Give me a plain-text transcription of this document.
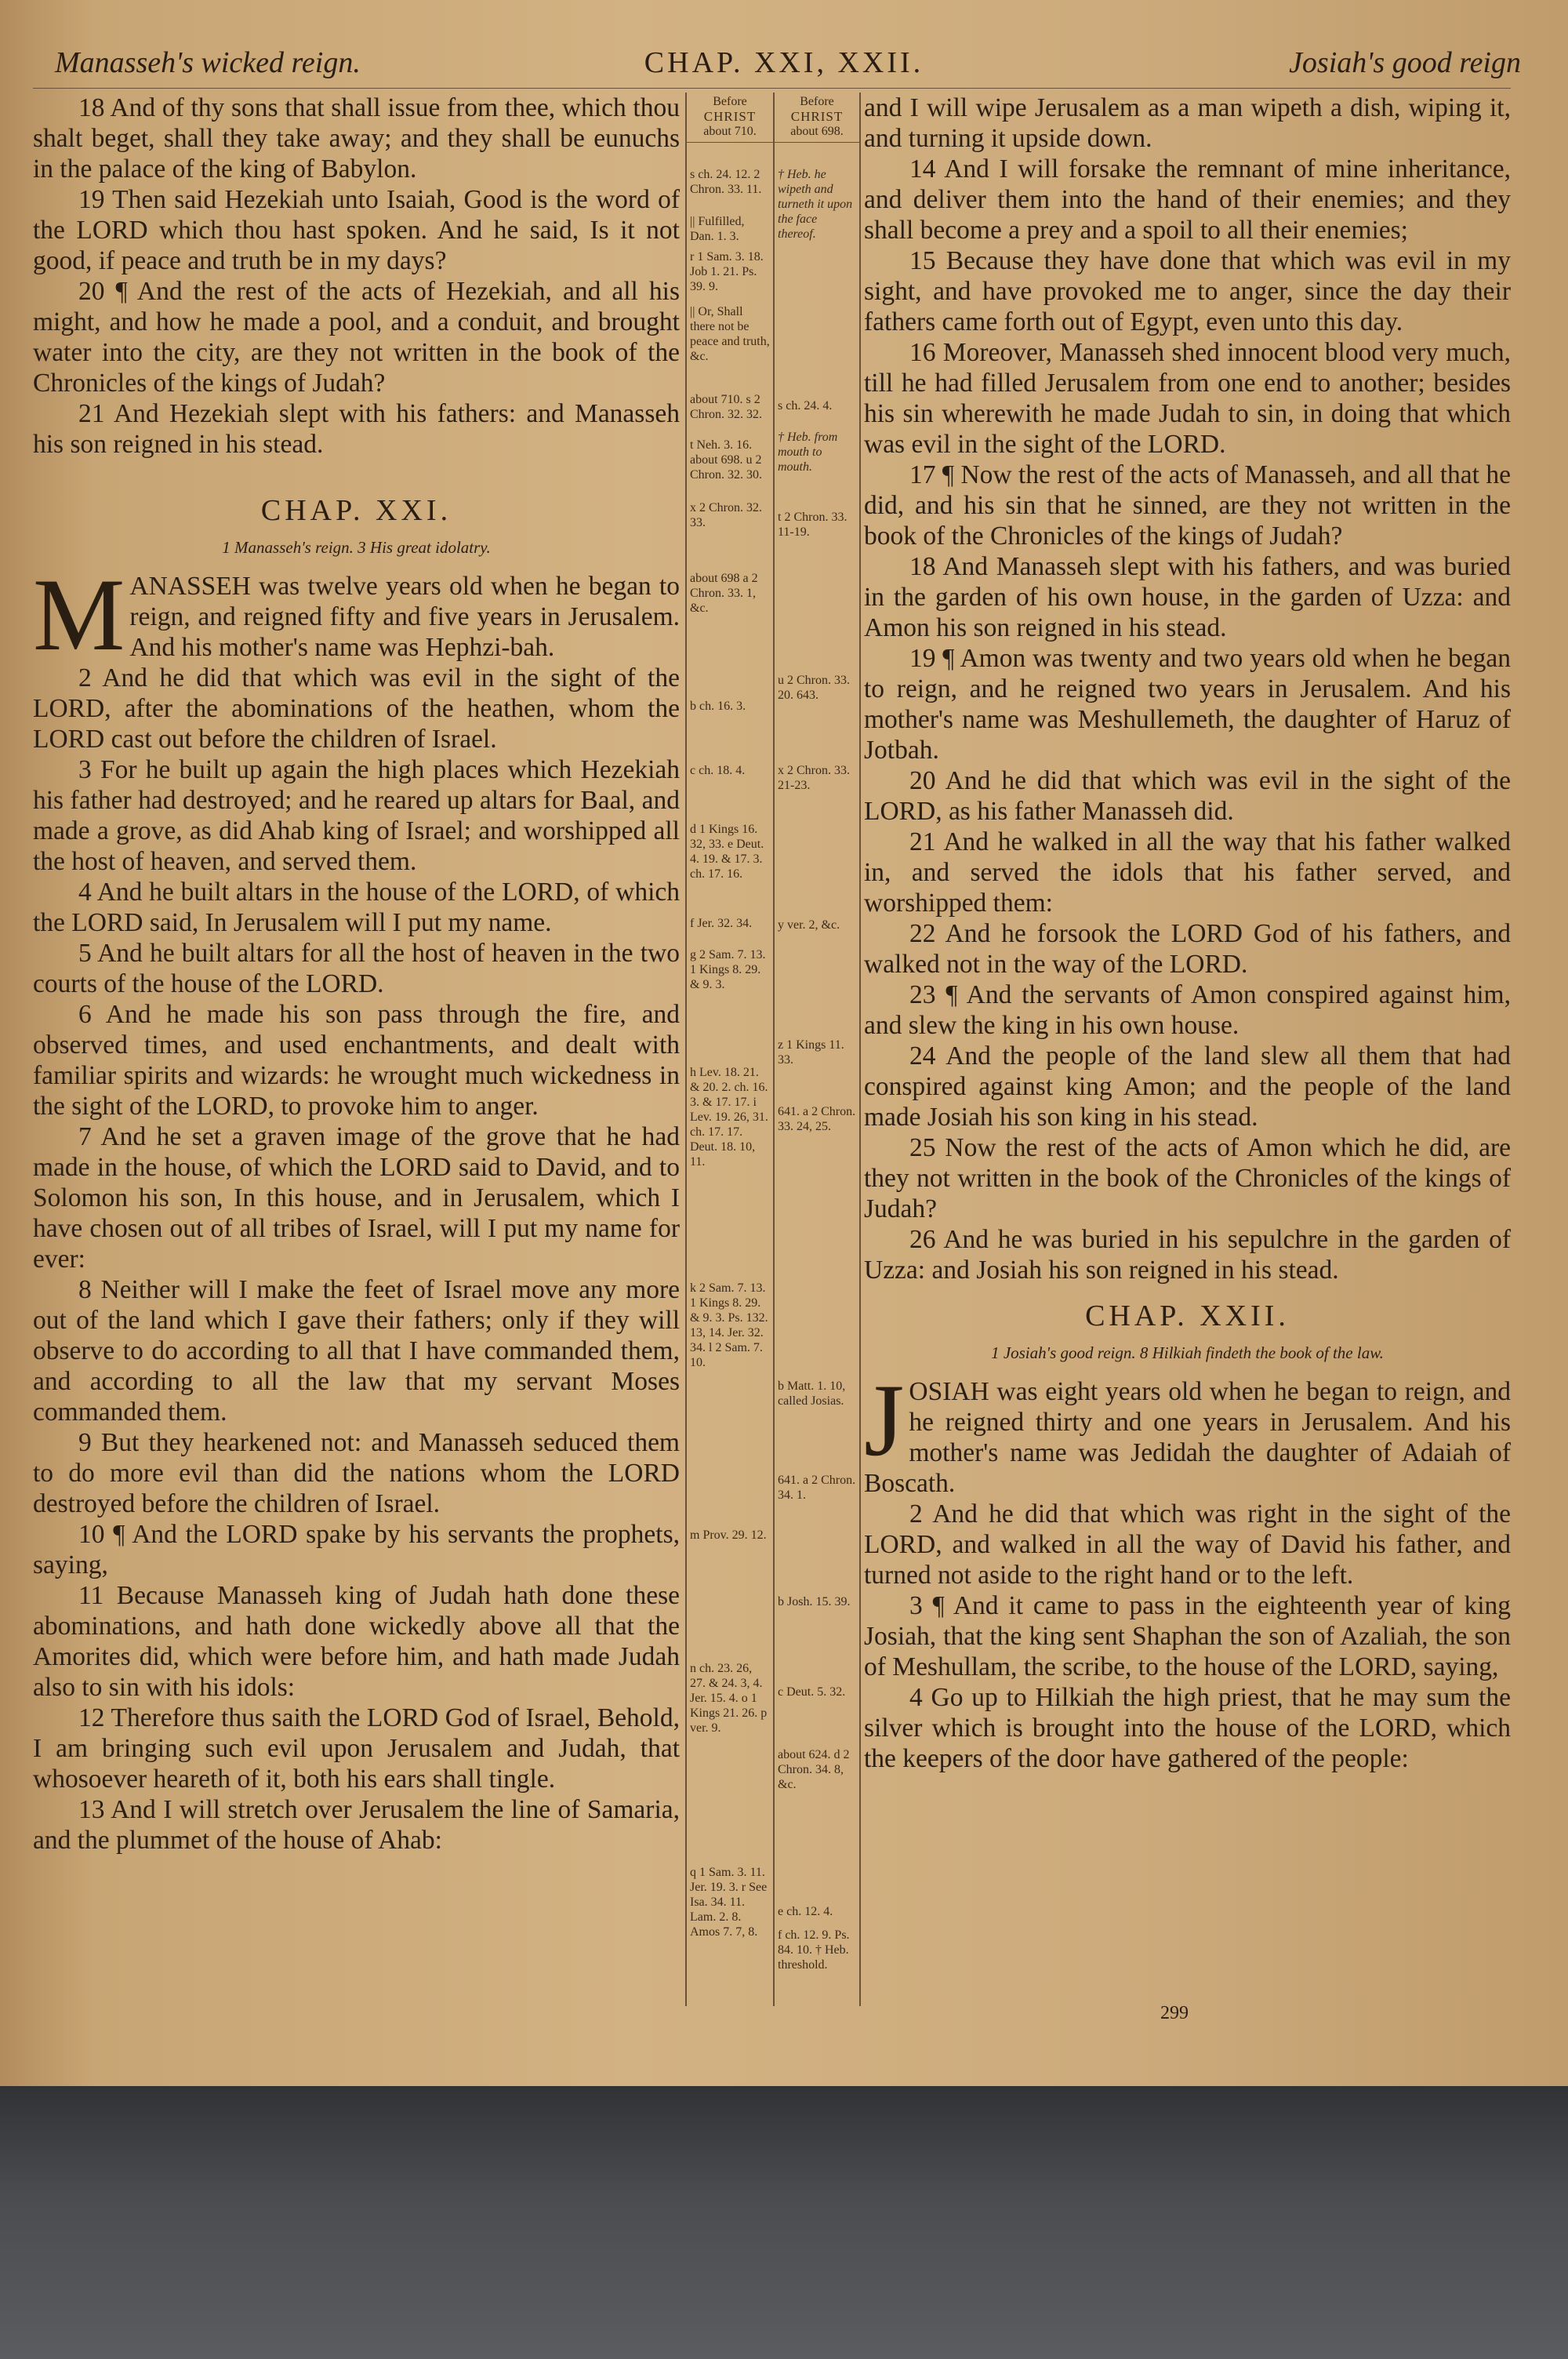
Manasseh's wicked reign.	CHAP. XXI, XXII.	Josiah's good reign

18 And of thy sons that shall issue from thee, which thou shalt beget, shall they take away; and they shall be eunuchs in the palace of the king of Babylon.

19 Then said Hezekiah unto Isaiah, Good is the word of the LORD which thou hast spoken. And he said, Is it not good, if peace and truth be in my days?

20 ¶ And the rest of the acts of Hezekiah, and all his might, and how he made a pool, and a conduit, and brought water into the city, are they not written in the book of the Chronicles of the kings of Judah?

21 And Hezekiah slept with his fathers: and Manasseh his son reigned in his stead.

CHAP. XXI.
1 Manasseh's reign. 3 His great idolatry.

M ANASSEH was twelve years old when he began to reign, and reigned fifty and five years in Jerusalem. And his mother's name was Hephzi-bah.

2 And he did that which was evil in the sight of the LORD, after the abominations of the heathen, whom the LORD cast out before the children of Israel.

3 For he built up again the high places which Hezekiah his father had destroyed; and he reared up altars for Baal, and made a grove, as did Ahab king of Israel; and worshipped all the host of heaven, and served them.

4 And he built altars in the house of the LORD, of which the LORD said, In Jerusalem will I put my name.

5 And he built altars for all the host of heaven in the two courts of the house of the LORD.

6 And he made his son pass through the fire, and observed times, and used enchantments, and dealt with familiar spirits and wizards: he wrought much wickedness in the sight of the LORD, to provoke him to anger.

7 And he set a graven image of the grove that he had made in the house, of which the LORD said to David, and to Solomon his son, In this house, and in Jerusalem, which I have chosen out of all tribes of Israel, will I put my name for ever:

8 Neither will I make the feet of Israel move any more out of the land which I gave their fathers; only if they will observe to do according to all that I have commanded them, and according to all the law that my servant Moses commanded them.

9 But they hearkened not: and Manasseh seduced them to do more evil than did the nations whom the LORD destroyed before the children of Israel.

10 ¶ And the LORD spake by his servants the prophets, saying,

11 Because Manasseh king of Judah hath done these abominations, and hath done wickedly above all that the Amorites did, which were before him, and hath made Judah also to sin with his idols:

12 Therefore thus saith the LORD God of Israel, Behold, I am bringing such evil upon Jerusalem and Judah, that whosoever heareth of it, both his ears shall tingle.

13 And I will stretch over Jerusalem the line of Samaria, and the plummet of the house of Ahab:

Before
CHRIST
about 710.
s ch. 24. 12. 2 Chron. 33. 11.
|| Fulfilled, Dan. 1. 3.
r 1 Sam. 3. 18. Job 1. 21. Ps. 39. 9.
|| Or, Shall there not be peace and truth, &c.
about 710. s 2 Chron. 32. 32.
t Neh. 3. 16. about 698. u 2 Chron. 32. 30.
x 2 Chron. 32. 33.
about 698 a 2 Chron. 33. 1, &c.
b ch. 16. 3.
c ch. 18. 4.
d 1 Kings 16. 32, 33. e Deut. 4. 19. & 17. 3. ch. 17. 16.
f Jer. 32. 34.
g 2 Sam. 7. 13. 1 Kings 8. 29. & 9. 3.
h Lev. 18. 21. & 20. 2. ch. 16. 3. & 17. 17. i Lev. 19. 26, 31. ch. 17. 17. Deut. 18. 10, 11.
k 2 Sam. 7. 13. 1 Kings 8. 29. & 9. 3. Ps. 132. 13, 14. Jer. 32. 34. l 2 Sam. 7. 10.
m Prov. 29. 12.
n ch. 23. 26, 27. & 24. 3, 4. Jer. 15. 4. o 1 Kings 21. 26. p ver. 9.
q 1 Sam. 3. 11. Jer. 19. 3. r See Isa. 34. 11. Lam. 2. 8. Amos 7. 7, 8.
Before
CHRIST
about 698.
† Heb. he wipeth and turneth it upon the face thereof.
s ch. 24. 4.
† Heb. from mouth to mouth.
t 2 Chron. 33. 11-19.
u 2 Chron. 33. 20. 643.
x 2 Chron. 33. 21-23.
y ver. 2, &c.
z 1 Kings 11. 33.
641. a 2 Chron. 33. 24, 25.
b Matt. 1. 10, called Josias.
641. a 2 Chron. 34. 1.
b Josh. 15. 39.
c Deut. 5. 32.
about 624. d 2 Chron. 34. 8, &c.
e ch. 12. 4.
f ch. 12. 9. Ps. 84. 10. † Heb. threshold.

and I will wipe Jerusalem as a man wipeth a dish, wiping it, and turning it upside down.

14 And I will forsake the remnant of mine inheritance, and deliver them into the hand of their enemies; and they shall become a prey and a spoil to all their enemies;

15 Because they have done that which was evil in my sight, and have provoked me to anger, since the day their fathers came forth out of Egypt, even unto this day.

16 Moreover, Manasseh shed innocent blood very much, till he had filled Jerusalem from one end to another; besides his sin wherewith he made Judah to sin, in doing that which was evil in the sight of the LORD.

17 ¶ Now the rest of the acts of Manasseh, and all that he did, and his sin that he sinned, are they not written in the book of the Chronicles of the kings of Judah?

18 And Manasseh slept with his fathers, and was buried in the garden of his own house, in the garden of Uzza: and Amon his son reigned in his stead.

19 ¶ Amon was twenty and two years old when he began to reign, and he reigned two years in Jerusalem. And his mother's name was Meshullemeth, the daughter of Haruz of Jotbah.

20 And he did that which was evil in the sight of the LORD, as his father Manasseh did.

21 And he walked in all the way that his father walked in, and served the idols that his father served, and worshipped them:

22 And he forsook the LORD God of his fathers, and walked not in the way of the LORD.

23 ¶ And the servants of Amon conspired against him, and slew the king in his own house.

24 And the people of the land slew all them that had conspired against king Amon; and the people of the land made Josiah his son king in his stead.

25 Now the rest of the acts of Amon which he did, are they not written in the book of the Chronicles of the kings of Judah?

26 And he was buried in his sepulchre in the garden of Uzza: and Josiah his son reigned in his stead.

CHAP. XXII.
1 Josiah's good reign. 8 Hilkiah findeth the book of the law.

J OSIAH was eight years old when he began to reign, and he reigned thirty and one years in Jerusalem. And his mother's name was Jedidah the daughter of Adaiah of Boscath.

2 And he did that which was right in the sight of the LORD, and walked in all the way of David his father, and turned not aside to the right hand or to the left.

3 ¶ And it came to pass in the eighteenth year of king Josiah, that the king sent Shaphan the son of Azaliah, the son of Meshullam, the scribe, to the house of the LORD, saying,

4 Go up to Hilkiah the high priest, that he may sum the silver which is brought into the house of the LORD, which the keepers of the door have gathered of the people:

299
